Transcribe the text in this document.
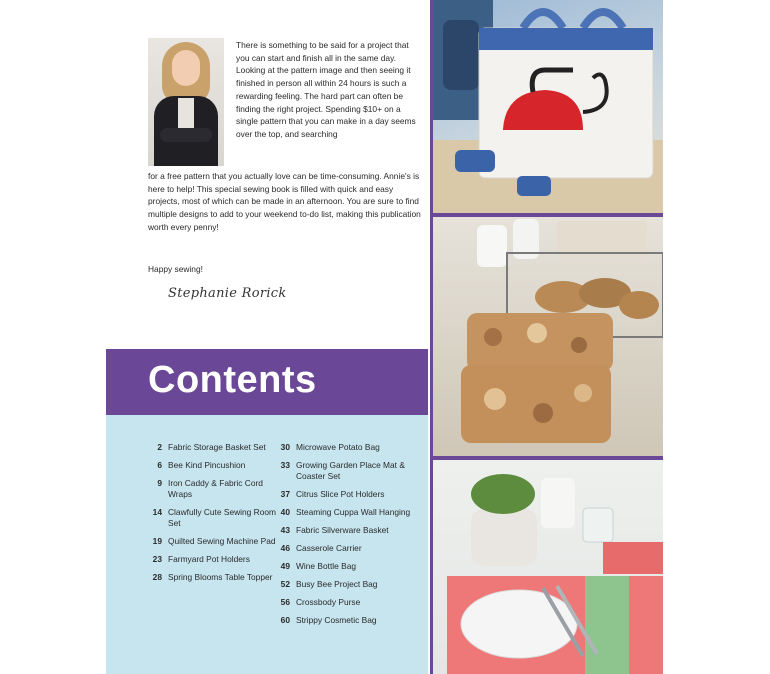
There is something to be said for a project that you can start and finish all in the same day. Looking at the pattern image and then seeing it finished in person all within 24 hours is such a rewarding feeling. The hard part can often be finding the right project. Spending $10+ on a single pattern that you can make in a day seems over the top, and searching
for a free pattern that you actually love can be time-consuming. Annie's is here to help! This special sewing book is filled with quick and easy projects, most of which can be made in an afternoon. You are sure to find multiple designs to add to your weekend to-do list, making this publication worth every penny!
Happy sewing!
Stephanie Rorick
Contents
2 Fabric Storage Basket Set
6 Bee Kind Pincushion
9 Iron Caddy & Fabric Cord Wraps
14 Clawfully Cute Sewing Room Set
19 Quilted Sewing Machine Pad
23 Farmyard Pot Holders
28 Spring Blooms Table Topper
30 Microwave Potato Bag
33 Growing Garden Place Mat & Coaster Set
37 Citrus Slice Pot Holders
40 Steaming Cuppa Wall Hanging
43 Fabric Silverware Basket
46 Casserole Carrier
49 Wine Bottle Bag
52 Busy Bee Project Bag
56 Crossbody Purse
60 Strippy Cosmetic Bag
